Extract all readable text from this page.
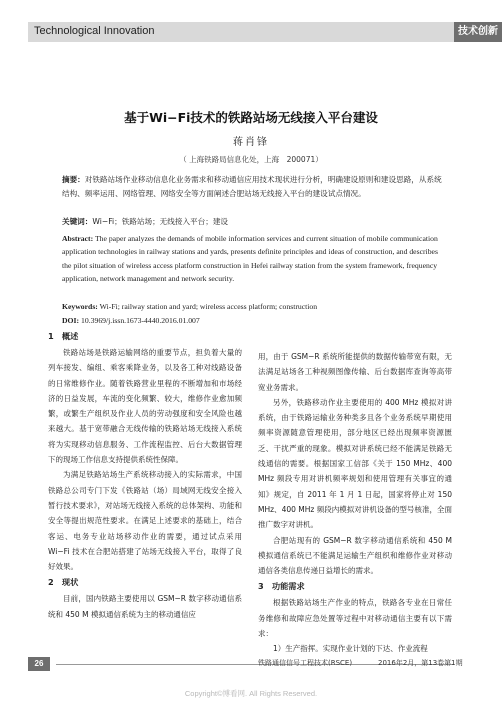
Technological Innovation	技术创新
基于Wi−Fi技术的铁路站场无线接入平台建设
蒋肖锋
（ 上海铁路局信息化处，上海　200071）
摘要：对铁路站场作业移动信息化业务需求和移动通信应用技术现状进行分析，明确建设原则和建设思路，从系统结构、频率运用、网络管理、网络安全等方面阐述合肥站场无线接入平台的建设试点情况。
关键词：Wi−Fi；铁路站场；无线接入平台；建设
Abstract: The paper analyzes the demands of mobile information services and current situation of mobile communication application technologies in railway stations and yards, presents definite principles and ideas of construction, and describes the pilot situation of wireless access platform construction in Hefei railway station from the system framework, frequency application, network management and network security.
Keywords: Wi-Fi; railway station and yard; wireless access platform; construction
DOI: 10.3969/j.issn.1673-4440.2016.01.007
1　概述

铁路站场是铁路运输网络的重要节点，担负着大量的列车接发、编组、乘客乘降业务，以及各工种对线路设备的日常维修作业。随着铁路营业里程的不断增加和市场经济的日益发展，车流的变化频繁、较大，维修作业愈加频繁，或繁生产组织及作业人员的劳动强度和安全风险也越来越大。基于宽带融合无线传输的铁路站场无线接入系统将为实现移动信息服务、工作流程监控、后台大数据管理下的现场工作信息支持提供系统性保障。

为满足铁路站场生产系统移动接入的实际需求，中国铁路总公司专门下发《铁路站（场）局域网无线安全接入暂行技术要求》，对站场无线接入系统的总体架构、功能和安全等提出规范性要求。在满足上述要求的基础上，结合客运、电务专业站场移动作业的需要，通过试点采用 Wi−Fi 技术在合肥站搭建了站场无线接入平台，取得了良好效果。

2　现状

目前，国内铁路主要使用以 GSM−R 数字移动通信系统和 450 M 模拟通信系统为主的移动通信应

用，由于 GSM−R 系统所能提供的数据传输带宽有限，无法满足站场各工种视频图像传输、后台数据库查询等高带宽业务需求。

另外，铁路移动作业主要使用的 400 MHz 模拟对讲系统，由于铁路运输业务种类多且各个业务系统早期使用频率资源随意管理使用，部分地区已经出现频率资源匮乏、干扰严重的现象。模拟对讲系统已经不能满足铁路无线通信的需要。根据国家工信部《关于 150 MHz、400 MHz 频段专用对讲机频率规划和使用管理有关事宜的通知》规定，自 2011 年 1 月 1 日起，国家将停止对 150 MHz、400 MHz 频段内模拟对讲机设备的型号核准，全面推广数字对讲机。

合肥站现有的 GSM−R 数字移动通信系统和 450 M 模拟通信系统已不能满足运输生产组织和维修作业对移动通信各类信息传递日益增长的需求。

3　功能需求

根据铁路站场生产作业的特点，铁路各专业在日常任务维修和故障应急处置等过程中对移动通信主要有以下需求：

1）生产指挥。实现作业计划的下达、作业流程

26	铁路通信信号工程技术(RSCE)	2016年2月，第13卷第1期
Copyright©博看网. All Rights Reserved.
